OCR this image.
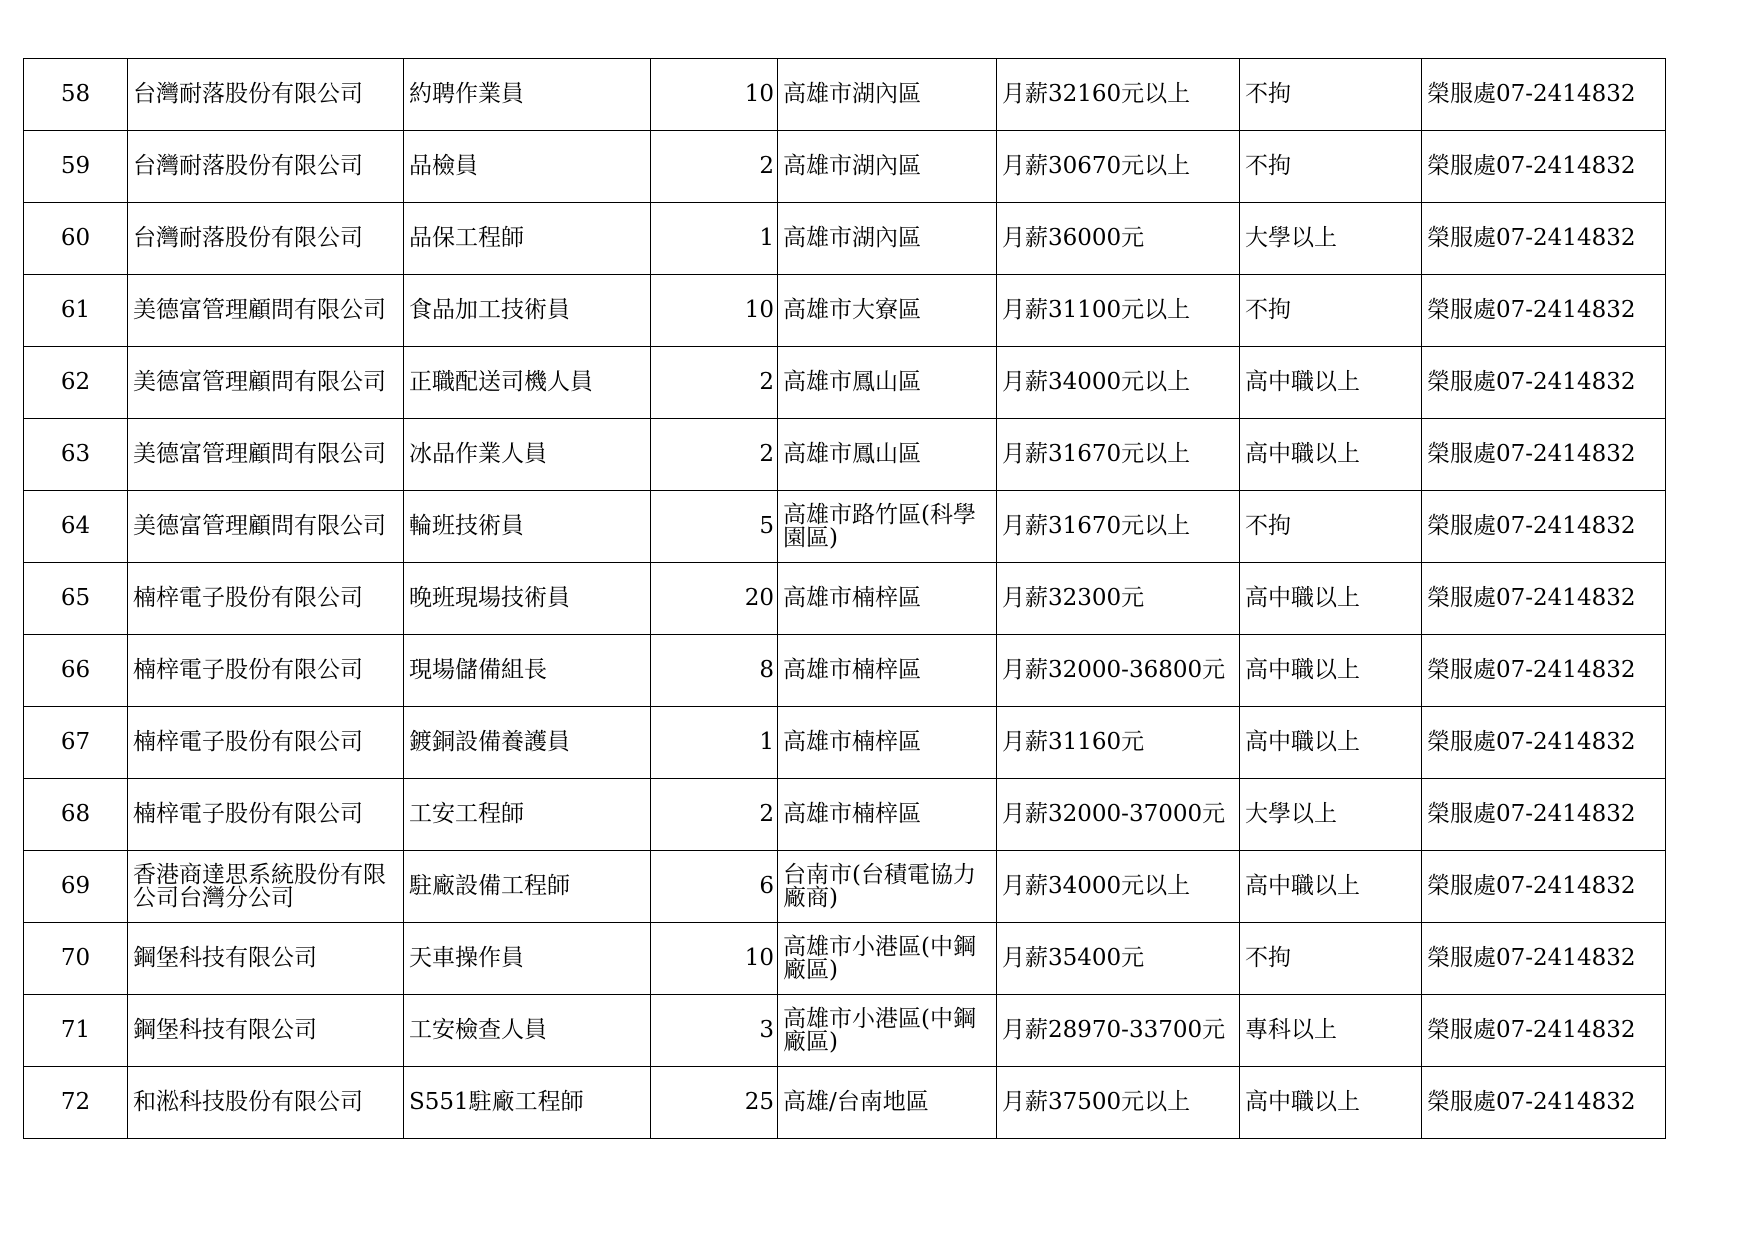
58	台灣耐落股份有限公司	約聘作業員	10	高雄市湖內區	月薪32160元以上	不拘	榮服處07-2414832
59	台灣耐落股份有限公司	品檢員	2	高雄市湖內區	月薪30670元以上	不拘	榮服處07-2414832
60	台灣耐落股份有限公司	品保工程師	1	高雄市湖內區	月薪36000元	大學以上	榮服處07-2414832
61	美德富管理顧問有限公司	食品加工技術員	10	高雄市大寮區	月薪31100元以上	不拘	榮服處07-2414832
62	美德富管理顧問有限公司	正職配送司機人員	2	高雄市鳳山區	月薪34000元以上	高中職以上	榮服處07-2414832
63	美德富管理顧問有限公司	冰品作業人員	2	高雄市鳳山區	月薪31670元以上	高中職以上	榮服處07-2414832
64	美德富管理顧問有限公司	輪班技術員	5	高雄市路竹區(科學園區)	月薪31670元以上	不拘	榮服處07-2414832
65	楠梓電子股份有限公司	晚班現場技術員	20	高雄市楠梓區	月薪32300元	高中職以上	榮服處07-2414832
66	楠梓電子股份有限公司	現場儲備組長	8	高雄市楠梓區	月薪32000-36800元	高中職以上	榮服處07-2414832
67	楠梓電子股份有限公司	鍍銅設備養護員	1	高雄市楠梓區	月薪31160元	高中職以上	榮服處07-2414832
68	楠梓電子股份有限公司	工安工程師	2	高雄市楠梓區	月薪32000-37000元	大學以上	榮服處07-2414832
69	香港商達思系統股份有限公司台灣分公司	駐廠設備工程師	6	台南市(台積電協力廠商)	月薪34000元以上	高中職以上	榮服處07-2414832
70	鋼堡科技有限公司	天車操作員	10	高雄市小港區(中鋼廠區)	月薪35400元	不拘	榮服處07-2414832
71	鋼堡科技有限公司	工安檢查人員	3	高雄市小港區(中鋼廠區)	月薪28970-33700元	專科以上	榮服處07-2414832
72	和淞科技股份有限公司	S551駐廠工程師	25	高雄/台南地區	月薪37500元以上	高中職以上	榮服處07-2414832
